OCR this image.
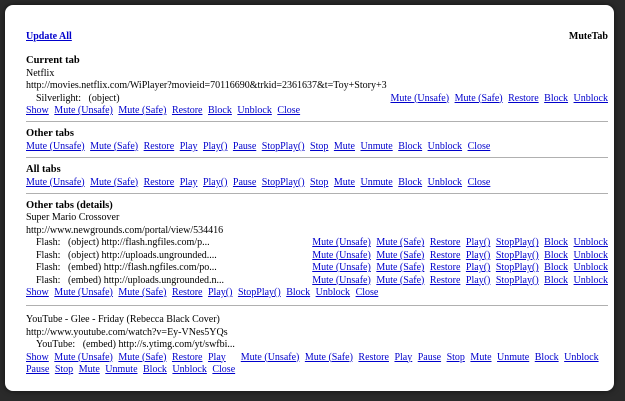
Update All	MuteTab
Current tab
Netflix
http://movies.netflix.com/WiPlayer?movieid=70116690&trkid=2361637&t=Toy+Story+3
Silverlight:   (object)	Mute (Unsafe) Mute (Safe) Restore Block Unblock
Show Mute (Unsafe) Mute (Safe) Restore Block Unblock Close
Other tabs
Mute (Unsafe) Mute (Safe) Restore Play Play() Pause StopPlay() Stop Mute Unmute Block Unblock Close
All tabs
Mute (Unsafe) Mute (Safe) Restore Play Play() Pause StopPlay() Stop Mute Unmute Block Unblock Close
Other tabs (details)
Super Mario Crossover
http://www.newgrounds.com/portal/view/534416
Flash:   (object) http://flash.ngfiles.com/p...	Mute (Unsafe) Mute (Safe) Restore Play() StopPlay() Block Unblock
Flash:   (object) http://uploads.ungrounded....	Mute (Unsafe) Mute (Safe) Restore Play() StopPlay() Block Unblock
Flash:   (embed) http://flash.ngfiles.com/po...	Mute (Unsafe) Mute (Safe) Restore Play() StopPlay() Block Unblock
Flash:   (embed) http://uploads.ungrounded.n...	Mute (Unsafe) Mute (Safe) Restore Play() StopPlay() Block Unblock
Show Mute (Unsafe) Mute (Safe) Restore Play() StopPlay() Block Unblock Close
YouTube - Glee - Friday (Rebecca Black Cover)
http://www.youtube.com/watch?v=Ey-VNes5YQs
YouTube:   (embed) http://s.ytimg.com/yt/swfbi...
Show Mute (Unsafe) Mute (Safe) Restore Play Mute (Unsafe) Mute (Safe) Restore Play Pause Stop Mute Unmute Block Unblock
Pause Stop Mute Unmute Block Unblock Close
